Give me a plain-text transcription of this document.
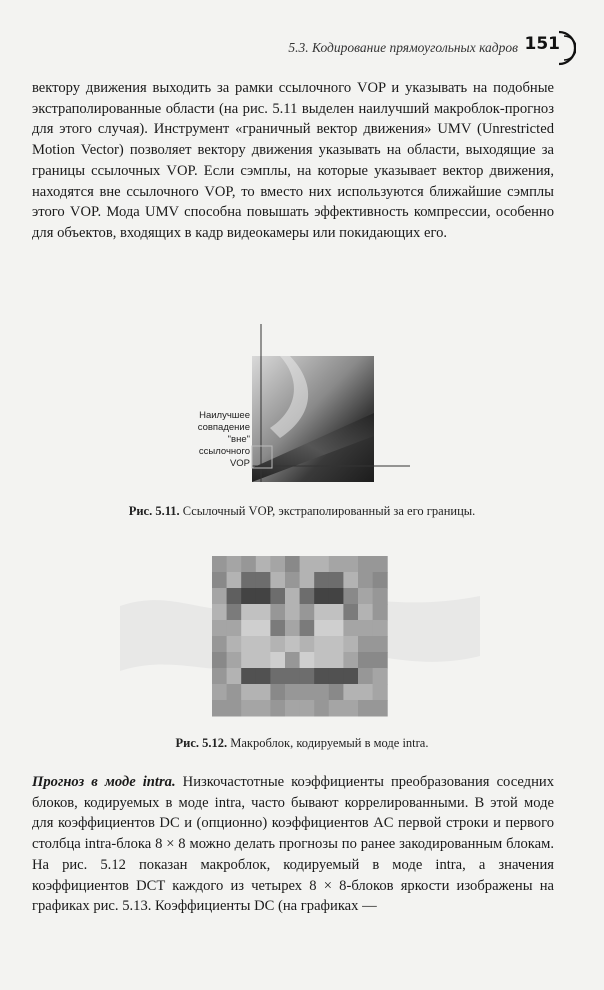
5.3. Кодирование прямоугольных кадров 151

вектору движения выходить за рамки ссылочного VOP и указывать на подобные экстраполированные области (на рис. 5.11 выделен наилучший макроблок-прогноз для этого случая). Инструмент «граничный вектор движения» UMV (Unrestricted Motion Vector) позволяет вектору движения указывать на области, выходящие за границы ссылочных VOP. Если сэмплы, на которые указывает вектор движения, находятся вне ссылочного VOP, то вместо них используются ближайшие сэмплы этого VOP. Мода UMV способна повышать эффективность компрессии, особенно для объектов, входящих в кадр видеокамеры или покидающих его.

Наилучшее
совпадение
"вне"
ссылочного
VOP
Рис. 5.11. Ссылочный VOP, экстраполированный за его границы.
Рис. 5.12. Макроблок, кодируемый в моде intra.

Прогноз в моде intra. Низкочастотные коэффициенты преобразования соседних блоков, кодируемых в моде intra, часто бывают коррелированными. В этой моде для коэффициентов DC и (опционно) коэффициентов AC первой строки и первого столбца intra-блока 8 × 8 можно делать прогнозы по ранее закодированным блокам. На рис. 5.12 показан макроблок, кодируемый в моде intra, а значения коэффициентов DCT каждого из четырех 8 × 8-блоков яркости изображены на графиках рис. 5.13. Коэффициенты DC (на графиках —
